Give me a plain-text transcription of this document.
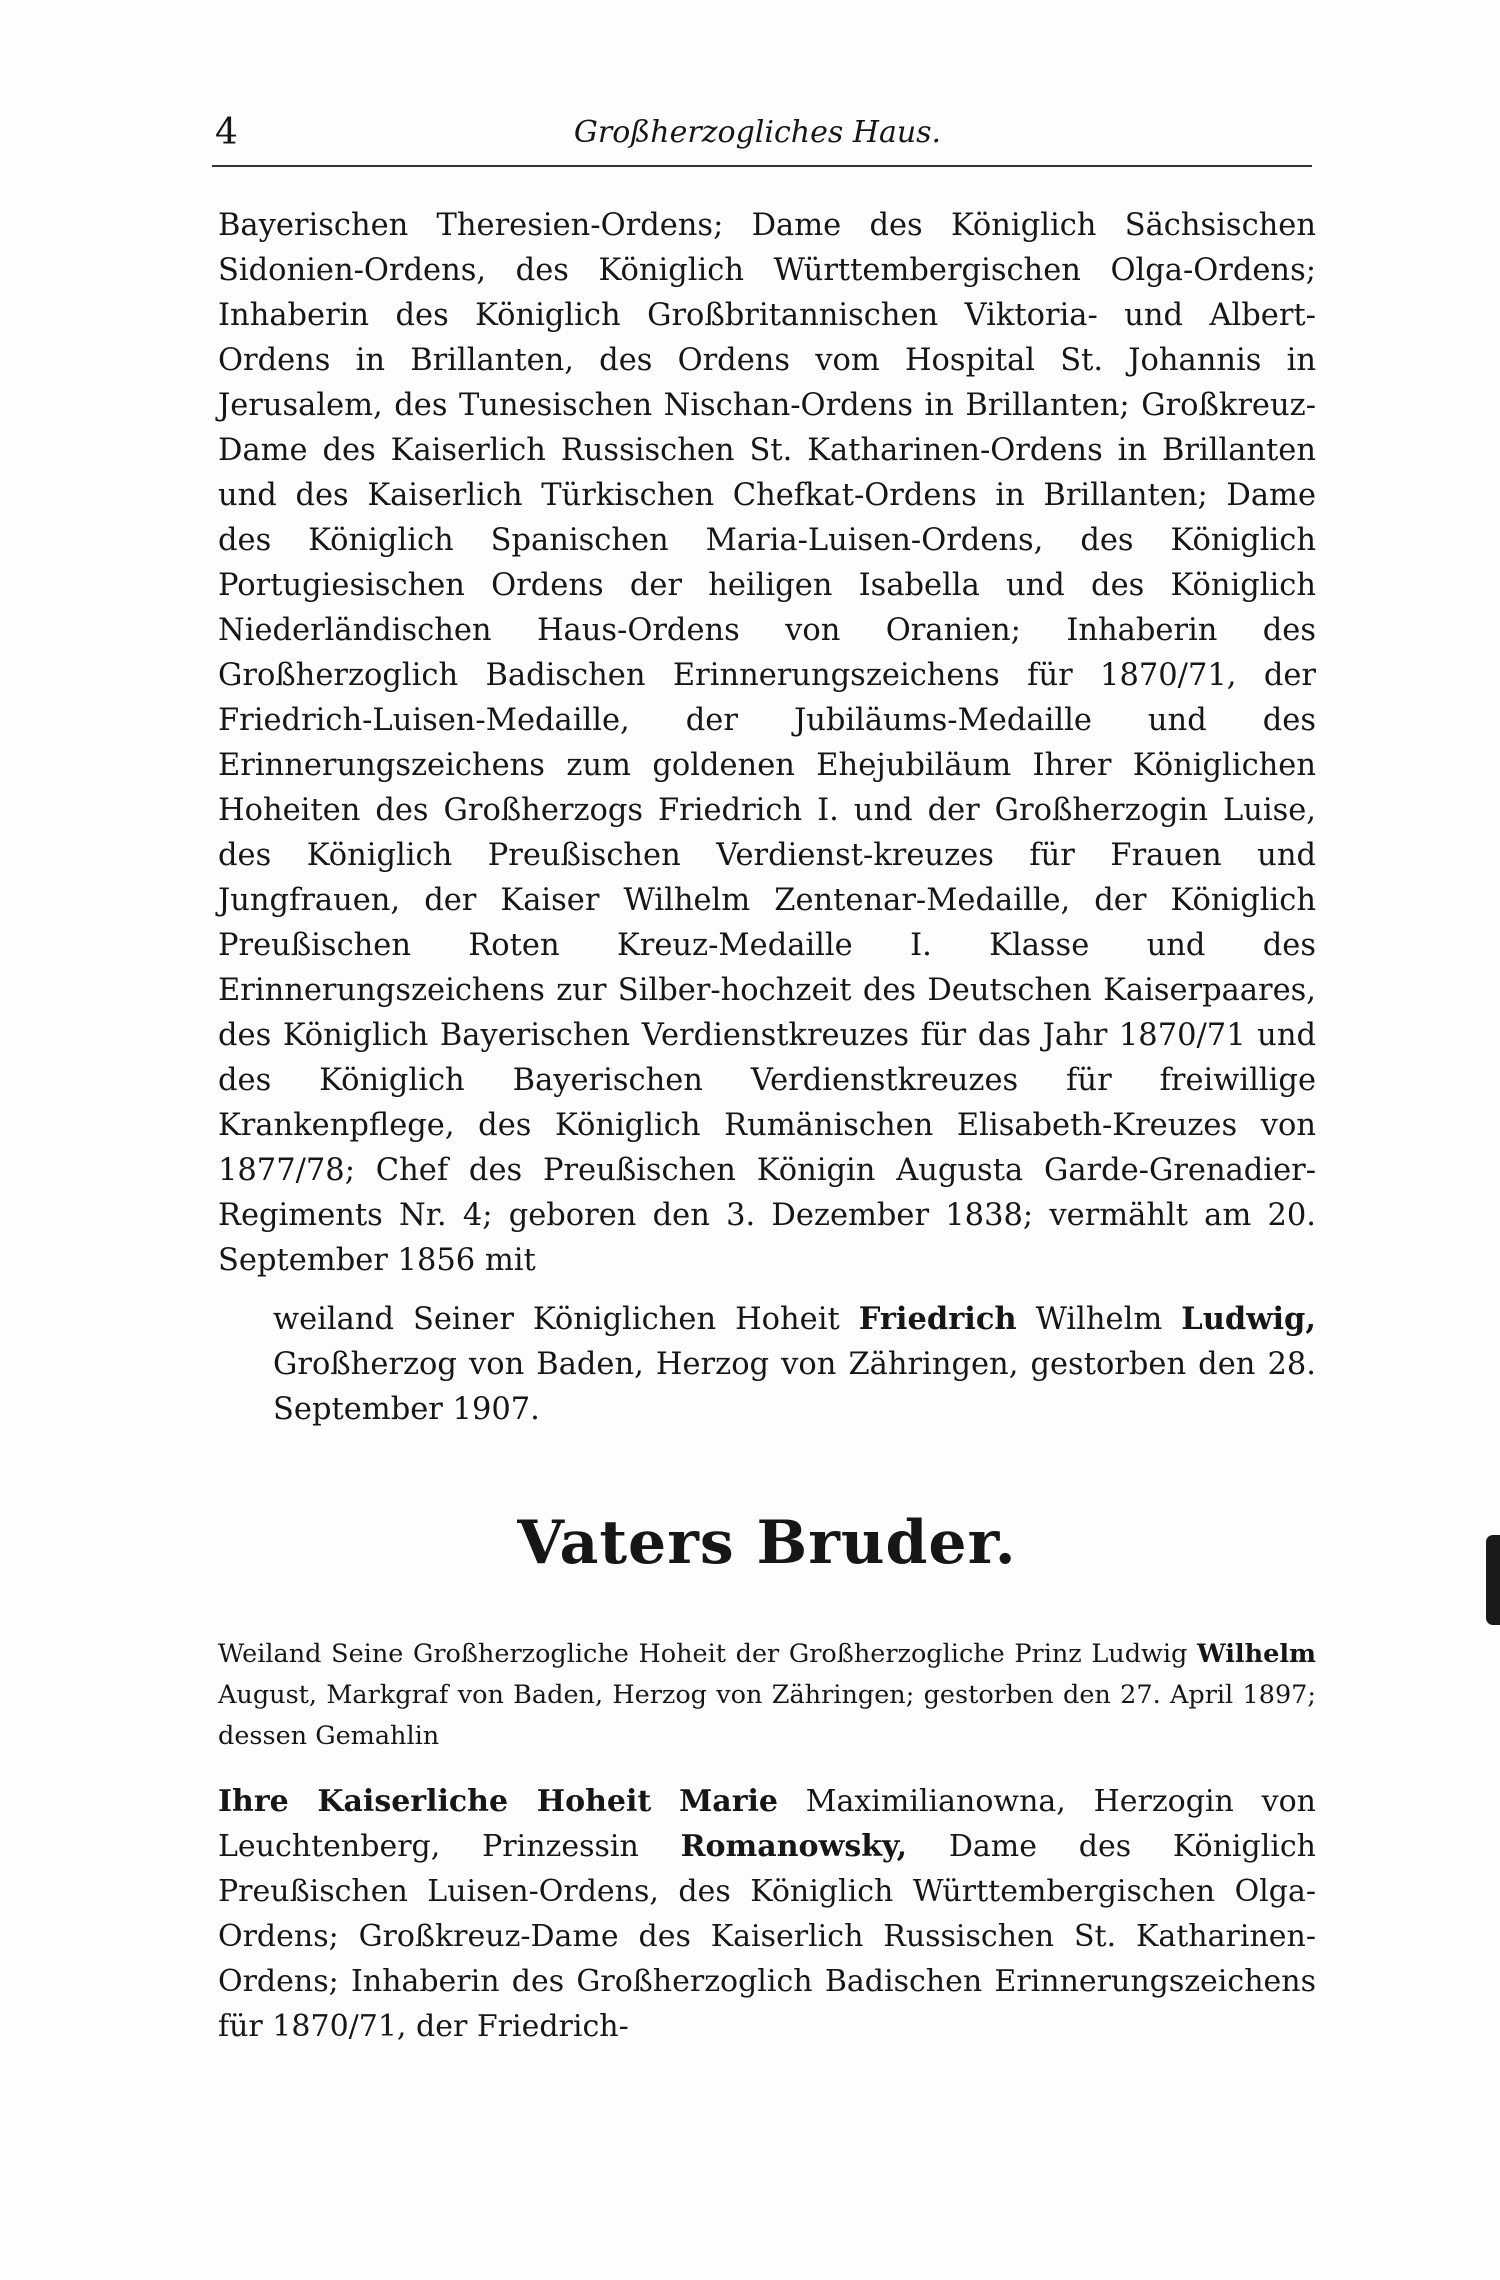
4	Großherzogliches Haus.

Bayerischen Theresien-Ordens; Dame des Königlich Sächsischen Sidonien-Ordens, des Königlich Württembergischen Olga-Ordens; Inhaberin des Königlich Großbritannischen Viktoria- und Albert-Ordens in Brillanten, des Ordens vom Hospital St. Johannis in Jerusalem, des Tunesischen Nischan-Ordens in Brillanten; Großkreuz-Dame des Kaiserlich Russischen St. Katharinen-Ordens in Brillanten und des Kaiserlich Türkischen Chefkat-Ordens in Brillanten; Dame des Königlich Spanischen Maria-Luisen-Ordens, des Königlich Portugiesischen Ordens der heiligen Isabella und des Königlich Niederländischen Haus-Ordens von Oranien; Inhaberin des Großherzoglich Badischen Erinnerungszeichens für 1870/71, der Friedrich-Luisen-Medaille, der Jubiläums-Medaille und des Erinnerungszeichens zum goldenen Ehejubiläum Ihrer Königlichen Hoheiten des Großherzogs Friedrich I. und der Großherzogin Luise, des Königlich Preußischen Verdienst-kreuzes für Frauen und Jungfrauen, der Kaiser Wilhelm Zentenar-Medaille, der Königlich Preußischen Roten Kreuz-Medaille I. Klasse und des Erinnerungszeichens zur Silber-hochzeit des Deutschen Kaiserpaares, des Königlich Bayerischen Verdienstkreuzes für das Jahr 1870/71 und des Königlich Bayerischen Verdienstkreuzes für freiwillige Krankenpflege, des Königlich Rumänischen Elisabeth-Kreuzes von 1877/78; Chef des Preußischen Königin Augusta Garde-Grenadier-Regiments Nr. 4; geboren den 3. Dezember 1838; vermählt am 20. September 1856 mit

weiland Seiner Königlichen Hoheit Friedrich Wilhelm Ludwig, Großherzog von Baden, Herzog von Zähringen, gestorben den 28. September 1907.

Vaters Bruder.

Weiland Seine Großherzogliche Hoheit der Großherzogliche Prinz Ludwig Wilhelm August, Markgraf von Baden, Herzog von Zähringen; gestorben den 27. April 1897; dessen Gemahlin

Ihre Kaiserliche Hoheit Marie Maximilianowna, Herzogin von Leuchtenberg, Prinzessin Romanowsky, Dame des Königlich Preußischen Luisen-Ordens, des Königlich Württembergischen Olga-Ordens; Großkreuz-Dame des Kaiserlich Russischen St. Katharinen-Ordens; Inhaberin des Großherzoglich Badischen Erinnerungszeichens für 1870/71, der Friedrich-
